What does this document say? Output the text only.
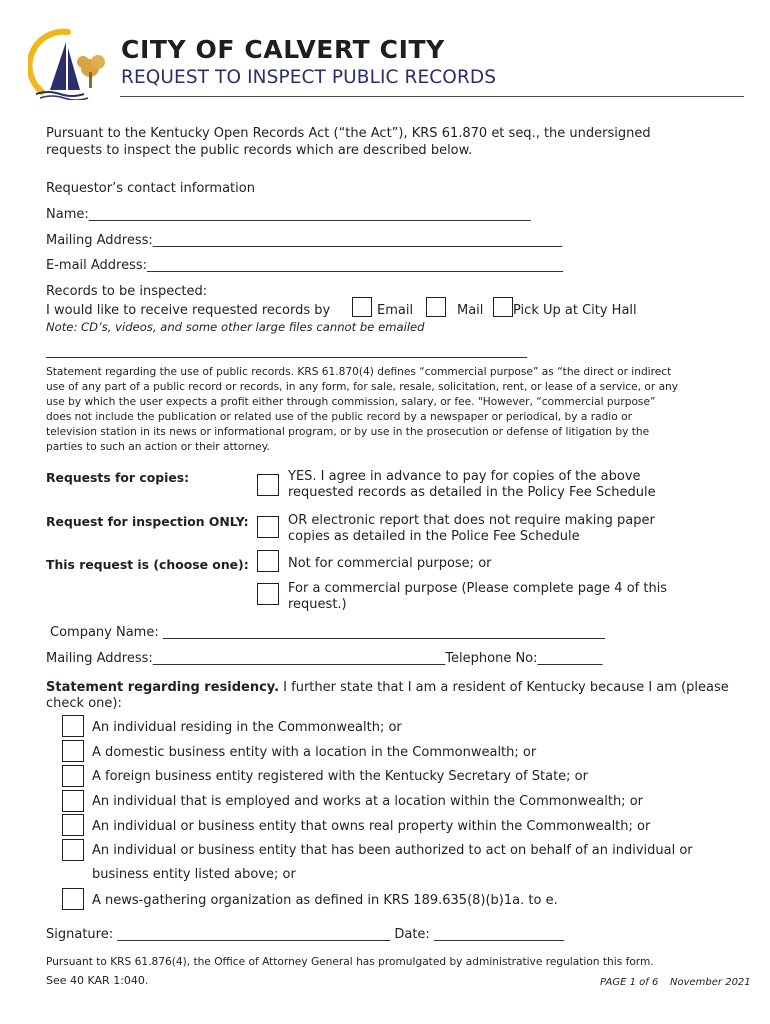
CITY OF CALVERT CITY
REQUEST TO INSPECT PUBLIC RECORDS
Pursuant to the Kentucky Open Records Act (“the Act”), KRS 61.870 et seq., the undersigned
requests to inspect the public records which are described below.
Requestor’s contact information
Name:____________________________________________________________________
Mailing Address:_______________________________________________________________
E-mail Address:________________________________________________________________
Records to be inspected:
I would like to receive requested records by	Email	Mail Pick Up at City Hall
Note: CD’s, videos, and some other large files cannot be emailed
__________________________________________________________________________
Statement regarding the use of public records. KRS 61.870(4) defines “commercial purpose” as “the direct or indirect
use of any part of a public record or records, in any form, for sale, resale, solicitation, rent, or lease of a service, or any
use by which the user expects a profit either through commission, salary, or fee. "However, “commercial purpose”
does not include the publication or related use of the public record by a newspaper or periodical, by a radio or
television station in its news or informational program, or by use in the prosecution or defense of litigation by the
parties to such an action or their attorney.
Requests for copies:	YES. I agree in advance to pay for copies of the above requested records as detailed in the Policy Fee Schedule
Request for inspection ONLY:	OR electronic report that does not require making paper copies as detailed in the Police Fee Schedule
This request is (choose one):	Not for commercial purpose; or
For a commercial purpose (Please complete page 4 of this request.)
Company Name: ____________________________________________________________________
Mailing Address:_____________________________________________Telephone No:__________
Statement regarding residency. I further state that I am a resident of Kentucky because I am (please
check one):
An individual residing in the Commonwealth; or
A domestic business entity with a location in the Commonwealth; or
A foreign business entity registered with the Kentucky Secretary of State; or
An individual that is employed and works at a location within the Commonwealth; or
An individual or business entity that owns real property within the Commonwealth; or
An individual or business entity that has been authorized to act on behalf of an individual or
business entity listed above; or
A news-gathering organization as defined in KRS 189.635(8)(b)1a. to e.
Signature: __________________________________________ Date: ____________________
Pursuant to KRS 61.876(4), the Office of Attorney General has promulgated by administrative regulation this form.
See 40 KAR 1:040.	PAGE 1 of 6 November 2021
